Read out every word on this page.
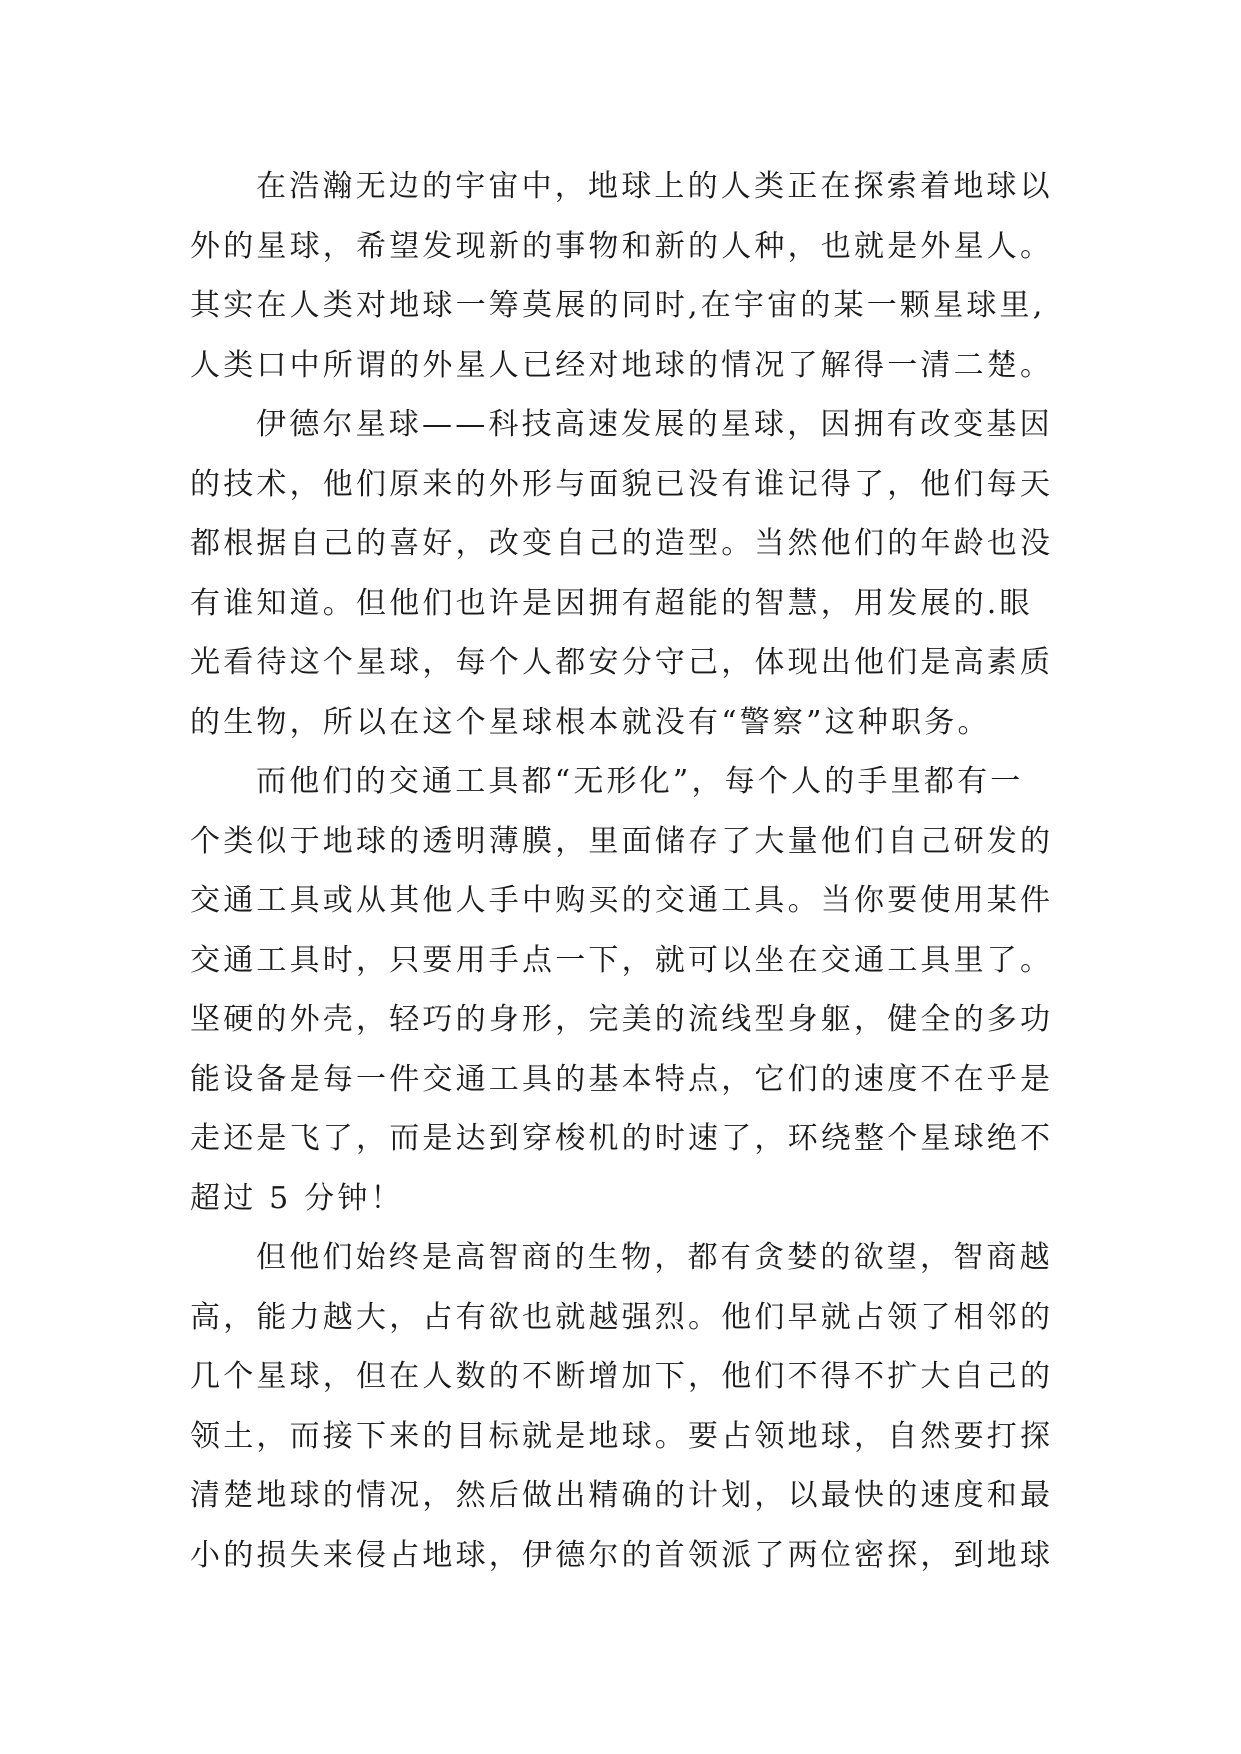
在浩瀚无边的宇宙中，地球上的人类正在探索着地球以
外的星球，希望发现新的事物和新的人种，也就是外星人。
其实在人类对地球一筹莫展的同时,在宇宙的某一颗星球里,
人类口中所谓的外星人已经对地球的情况了解得一清二楚。
伊德尔星球——科技高速发展的星球，因拥有改变基因
的技术，他们原来的外形与面貌已没有谁记得了，他们每天
都根据自己的喜好，改变自己的造型。当然他们的年龄也没
有谁知道。但他们也许是因拥有超能的智慧，用发展的.眼
光看待这个星球，每个人都安分守己，体现出他们是高素质
的生物，所以在这个星球根本就没有“警察”这种职务。
而他们的交通工具都“无形化”，每个人的手里都有一
个类似于地球的透明薄膜，里面储存了大量他们自己研发的
交通工具或从其他人手中购买的交通工具。当你要使用某件
交通工具时，只要用手点一下，就可以坐在交通工具里了。
坚硬的外壳，轻巧的身形，完美的流线型身躯，健全的多功
能设备是每一件交通工具的基本特点，它们的速度不在乎是
走还是飞了，而是达到穿梭机的时速了，环绕整个星球绝不
超过 5 分钟！
但他们始终是高智商的生物，都有贪婪的欲望，智商越
高，能力越大，占有欲也就越强烈。他们早就占领了相邻的
几个星球，但在人数的不断增加下，他们不得不扩大自己的
领土，而接下来的目标就是地球。要占领地球，自然要打探
清楚地球的情况，然后做出精确的计划，以最快的速度和最
小的损失来侵占地球，伊德尔的首领派了两位密探，到地球
